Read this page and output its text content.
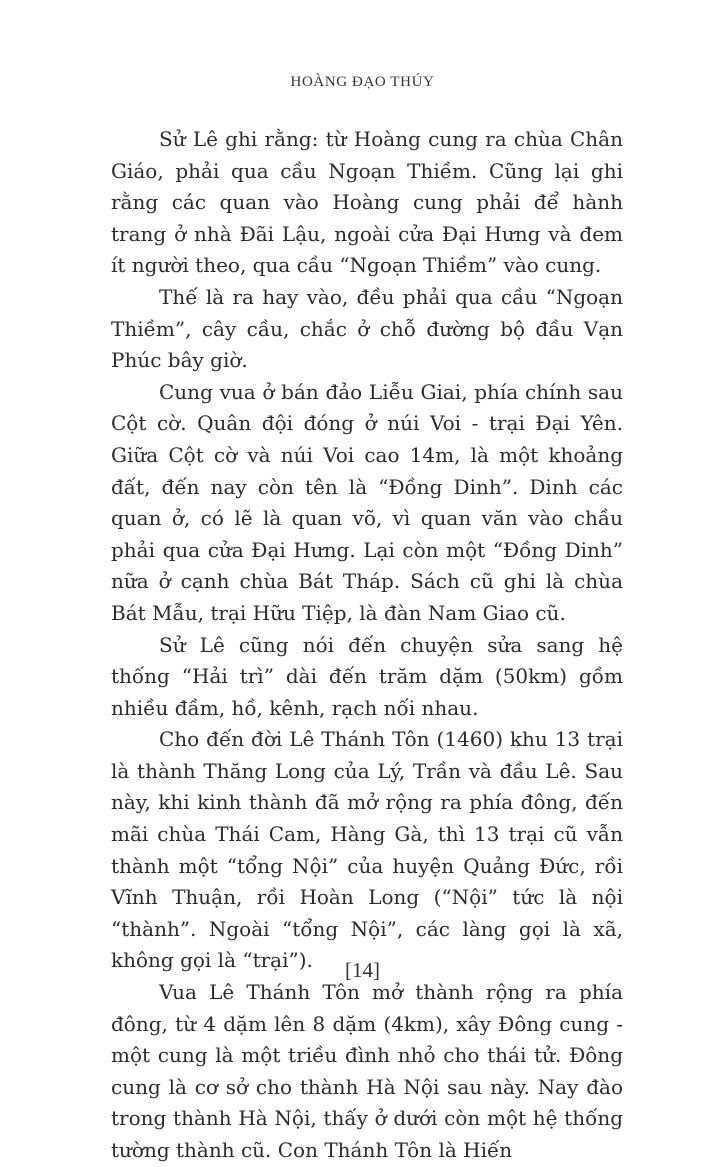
HOÀNG ĐẠO THÚY

Sử Lê ghi rằng: từ Hoàng cung ra chùa Chân Giáo, phải qua cầu Ngoạn Thiềm. Cũng lại ghi rằng các quan vào Hoàng cung phải để hành trang ở nhà Đãi Lậu, ngoài cửa Đại Hưng và đem ít người theo, qua cầu “Ngoạn Thiềm” vào cung.

Thế là ra hay vào, đều phải qua cầu “Ngoạn Thiềm”, cây cầu, chắc ở chỗ đường bộ đầu Vạn Phúc bây giờ.

Cung vua ở bán đảo Liễu Giai, phía chính sau Cột cờ. Quân đội đóng ở núi Voi - trại Đại Yên. Giữa Cột cờ và núi Voi cao 14m, là một khoảng đất, đến nay còn tên là “Đồng Dinh”. Dinh các quan ở, có lẽ là quan võ, vì quan văn vào chầu phải qua cửa Đại Hưng. Lại còn một “Đồng Dinh” nữa ở cạnh chùa Bát Tháp. Sách cũ ghi là chùa Bát Mẫu, trại Hữu Tiệp, là đàn Nam Giao cũ.

Sử Lê cũng nói đến chuyện sửa sang hệ thống “Hải trì” dài đến trăm dặm (50km) gồm nhiều đầm, hồ, kênh, rạch nối nhau.

Cho đến đời Lê Thánh Tôn (1460) khu 13 trại là thành Thăng Long của Lý, Trần và đầu Lê. Sau này, khi kinh thành đã mở rộng ra phía đông, đến mãi chùa Thái Cam, Hàng Gà, thì 13 trại cũ vẫn thành một “tổng Nội” của huyện Quảng Đức, rồi Vĩnh Thuận, rồi Hoàn Long (“Nội” tức là nội “thành”. Ngoài “tổng Nội”, các làng gọi là xã, không gọi là “trại”).

Vua Lê Thánh Tôn mở thành rộng ra phía đông, từ 4 dặm lên 8 dặm (4km), xây Đông cung - một cung là một triều đình nhỏ cho thái tử. Đông cung là cơ sở cho thành Hà Nội sau này. Nay đào trong thành Hà Nội, thấy ở dưới còn một hệ thống tường thành cũ. Con Thánh Tôn là Hiến

[14]
